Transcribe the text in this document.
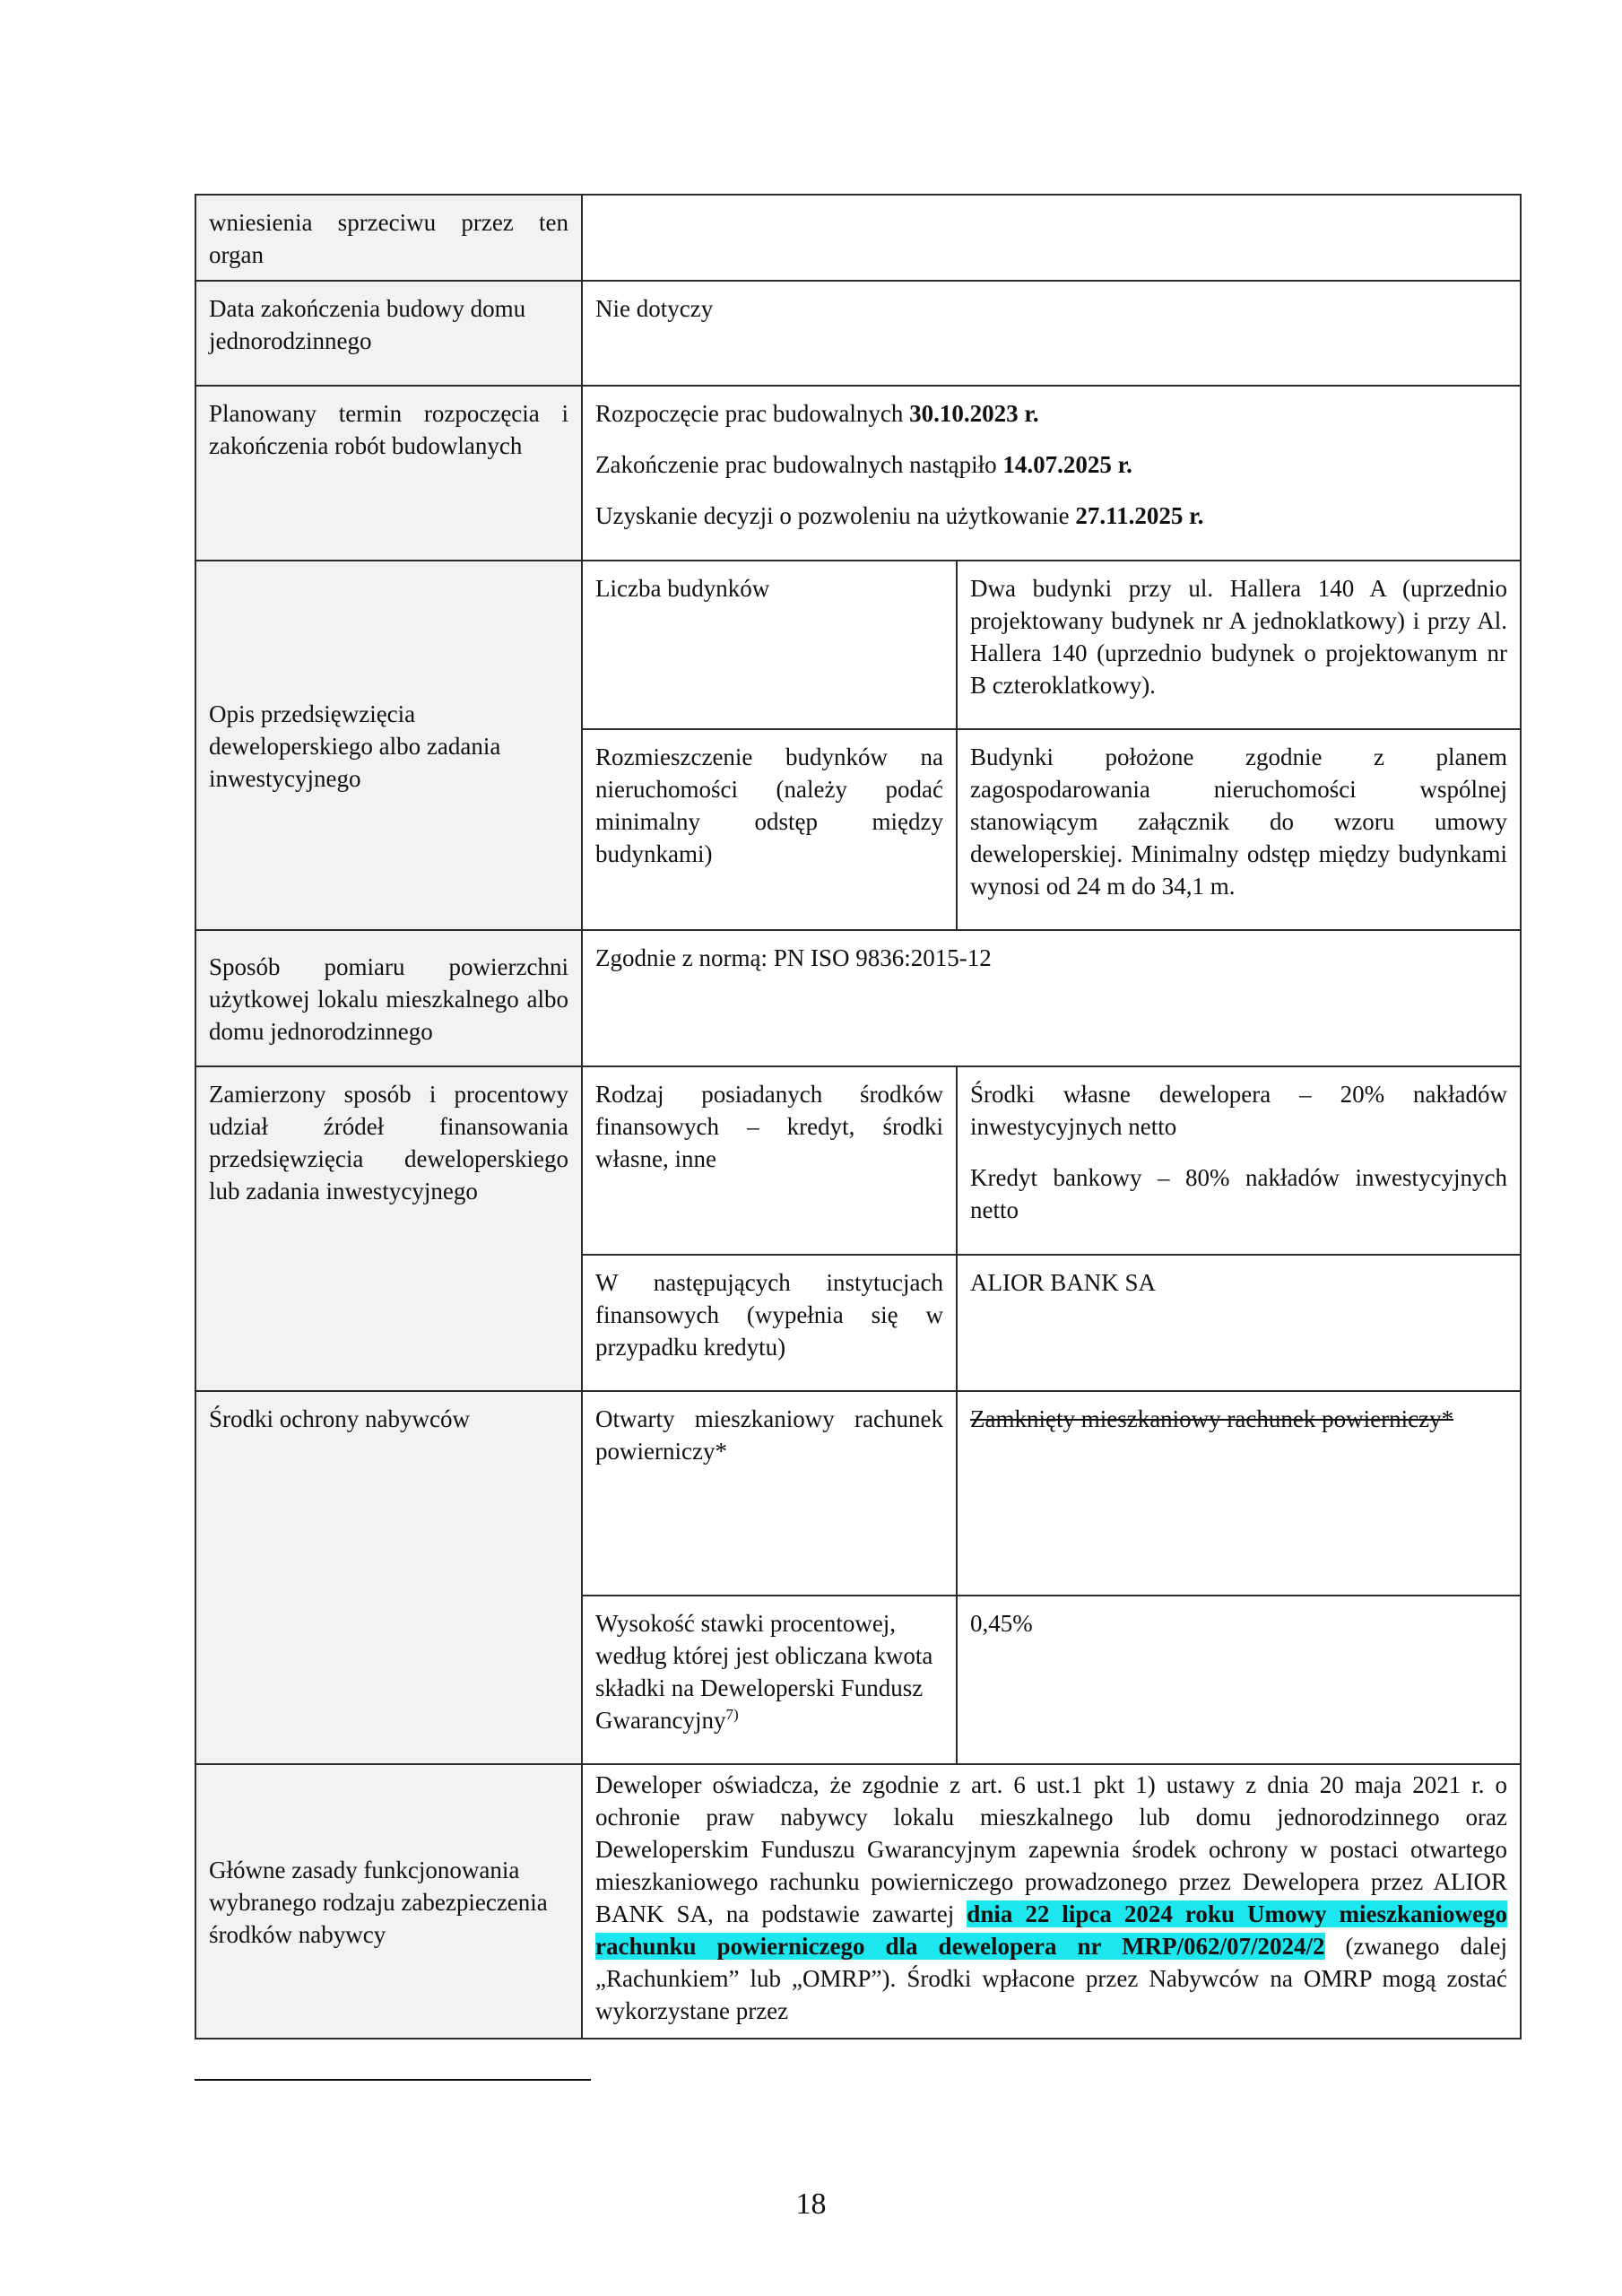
wniesienia sprzeciwu przez ten organ		
Data zakończenia budowy domu jednorodzinnego	Nie dotyczy	
Planowany termin rozpoczęcia i zakończenia robót budowlanych	Rozpoczęcie prac budowalnych 30.10.2023 r.

Zakończenie prac budowalnych nastąpiło 14.07.2025 r.

Uzyskanie decyzji o pozwoleniu na użytkowanie 27.11.2025 r.	

Opis przedsięwzięcia deweloperskiego albo zadania inwestycyjnego	Liczba budynków	Dwa budynki przy ul. Hallera 140 A (uprzednio projektowany budynek nr A jednoklatkowy) i przy Al. Hallera 140 (uprzednio budynek o projektowanym nr B czteroklatkowy).
	Rozmieszczenie budynków na nieruchomości (należy podać minimalny odstęp między budynkami)	Budynki położone zgodnie z planem zagospodarowania nieruchomości wspólnej stanowiącym załącznik do wzoru umowy deweloperskiej. Minimalny odstęp między budynkami wynosi od 24 m do 34,1 m.
Sposób pomiaru powierzchni użytkowej lokalu mieszkalnego albo domu jednorodzinnego	Zgodnie z normą: PN ISO 9836:2015-12	
Zamierzony sposób i procentowy udział źródeł finansowania przedsięwzięcia deweloperskiego lub zadania inwestycyjnego	Rodzaj posiadanych środków finansowych – kredyt, środki własne, inne	Środki własne dewelopera – 20% nakładów inwestycyjnych netto

Kredyt bankowy – 80% nakładów inwestycyjnych netto

	W następujących instytucjach finansowych (wypełnia się w przypadku kredytu)	ALIOR BANK SA
Środki ochrony nabywców	Otwarty mieszkaniowy rachunek powierniczy*	Zamknięty mieszkaniowy rachunek powierniczy*
	Wysokość stawki procentowej, według której jest obliczana kwota składki na Deweloperski Fundusz Gwarancyjny$^{7)}$	0,45%
Główne zasady funkcjonowania wybranego rodzaju zabezpieczenia środków nabywcy	Deweloper oświadcza, że zgodnie z art. 6 ust.1 pkt 1) ustawy z dnia 20 maja 2021 r. o ochronie praw nabywcy lokalu mieszkalnego lub domu jednorodzinnego oraz Deweloperskim Funduszu Gwarancyjnym zapewnia środek ochrony w postaci otwartego mieszkaniowego rachunku powierniczego prowadzonego przez Dewelopera przez ALIOR BANK SA, na podstawie zawartej dnia 22 lipca 2024 roku Umowy mieszkaniowego rachunku powierniczego dla dewelopera nr MRP/062/07/2024/2 (zwanego dalej „Rachunkiem” lub „OMRP”). Środki wpłacone przez Nabywców na OMRP mogą zostać wykorzystane przez	
18
